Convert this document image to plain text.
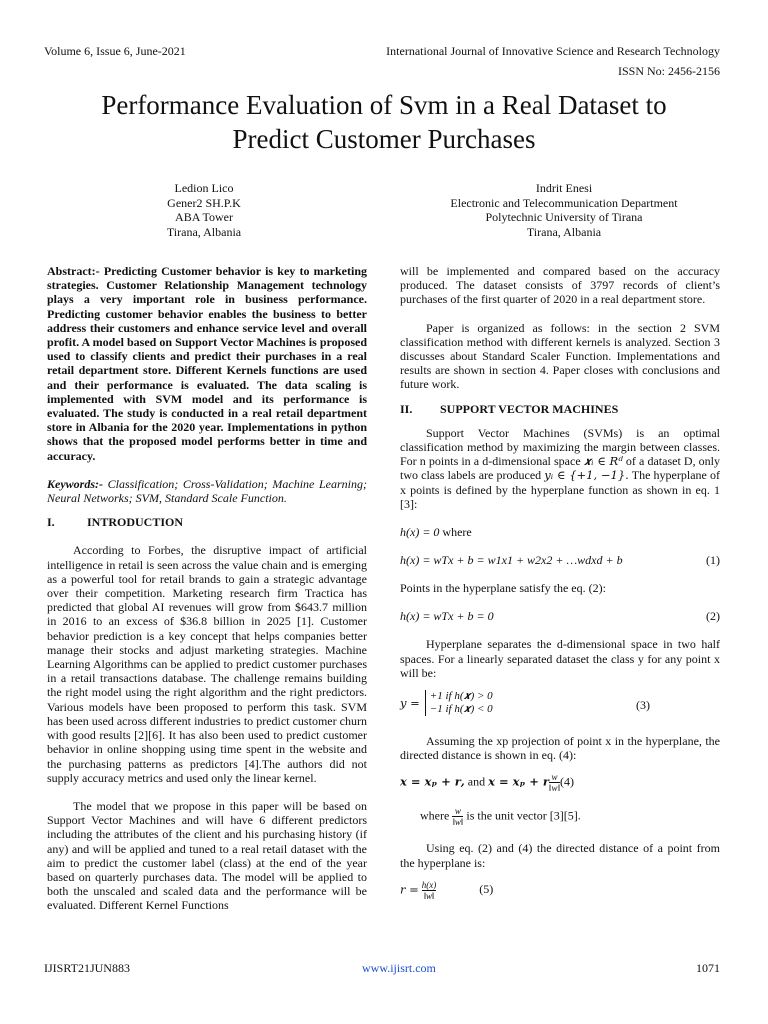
Volume 6, Issue 6, June-2021	International Journal of Innovative Science and Research Technology
ISSN No: 2456-2156
Performance Evaluation of Svm in a Real Dataset to
Predict Customer Purchases
Ledion Lico
Gener2 SH.P.K
ABA Tower
Tirana, Albania
Indrit Enesi
Electronic and Telecommunication Department
Polytechnic University of Tirana
Tirana, Albania

Abstract:- Predicting Customer behavior is key to marketing strategies. Customer Relationship Management technology plays a very important role in business performance. Predicting customer behavior enables the business to better address their customers and enhance service level and overall profit. A model based on Support Vector Machines is proposed used to classify clients and predict their purchases in a real retail department store. Different Kernels functions are used and their performance is evaluated. The data scaling is implemented with SVM model and its performance is evaluated. The study is conducted in a real retail department store in Albania for the 2020 year. Implementations in python shows that the proposed model performs better in time and accuracy.

Keywords:- Classification; Cross-Validation; Machine Learning; Neural Networks; SVM, Standard Scale Function.

I.	INTRODUCTION

According to Forbes, the disruptive impact of artificial intelligence in retail is seen across the value chain and is emerging as a powerful tool for retail brands to gain a strategic advantage over their competition. Marketing research firm Tractica has predicted that global AI revenues will grow from $643.7 million in 2016 to an excess of $36.8 billion in 2025 [1]. Customer behavior prediction is a key concept that helps companies better manage their stocks and adjust marketing strategies. Machine Learning Algorithms can be applied to predict customer purchases in a retail transactions database. The challenge remains building the right model using the right algorithm and the right predictors. Various models have been proposed to perform this task. SVM has been used across different industries to predict customer churn with good results [2][6]. It has also been used to predict customer behavior in online shopping using time spent in the website and the purchasing patterns as predictors [4].The authors did not supply accuracy metrics and used only the linear kernel.

The model that we propose in this paper will be based on Support Vector Machines and will have 6 different predictors including the attributes of the client and his purchasing history (if any) and will be applied and tuned to a real retail dataset with the aim to predict the customer label (class) at the end of the year based on quarterly purchases data. The model will be applied to both the unscaled and scaled data and the performance will be evaluated. Different Kernel Functions

will be implemented and compared based on the accuracy produced. The dataset consists of 3797 records of client’s purchases of the first quarter of 2020 in a real department store.

Paper is organized as follows: in the section 2 SVM classification method with different kernels is analyzed. Section 3 discusses about Standard Scaler Function. Implementations and results are shown in section 4. Paper closes with conclusions and future work.

II. SUPPORT VECTOR MACHINES

Support Vector Machines (SVMs) is an optimal classification method by maximizing the margin between classes. For n points in a d-dimensional space 𝒙ᵢ ∈ Rᵈ of a dataset D, only two class labels are produced yᵢ ∈ {+1, −1}. The hyperplane of x points is defined by the hyperplane function as shown in eq. 1 [3]:

h(x) = 0 where

h(x) = wTx + b = w1x1 + w2x2 + …wdxd + b	(1)

Points in the hyperplane satisfy the eq. (2):

h(x) = wTx + b = 0	(2)

Hyperplane separates the d-dimensional space in two half spaces. For a linearly separated dataset the class y for any point x will be:

y = +1 if h(𝒙) > 0
−1 if h(𝒙) < 0	(3)

Assuming the xp projection of point x in the hyperplane, the directed distance is shown in eq. (4):

𝒙 = 𝒙ₚ + 𝒓, and 𝒙 = 𝒙ₚ + r $\frac{w}{‖w‖} (4)$

where $\frac{w}{‖w‖}$ is the unit vector [3][5].

Using eq. (2) and (4) the directed distance of a point from the hyperplane is:

$r = \frac{h(x)}{‖w‖}$	(5)
IJISRT21JUN883	www.ijisrt.com	1071
